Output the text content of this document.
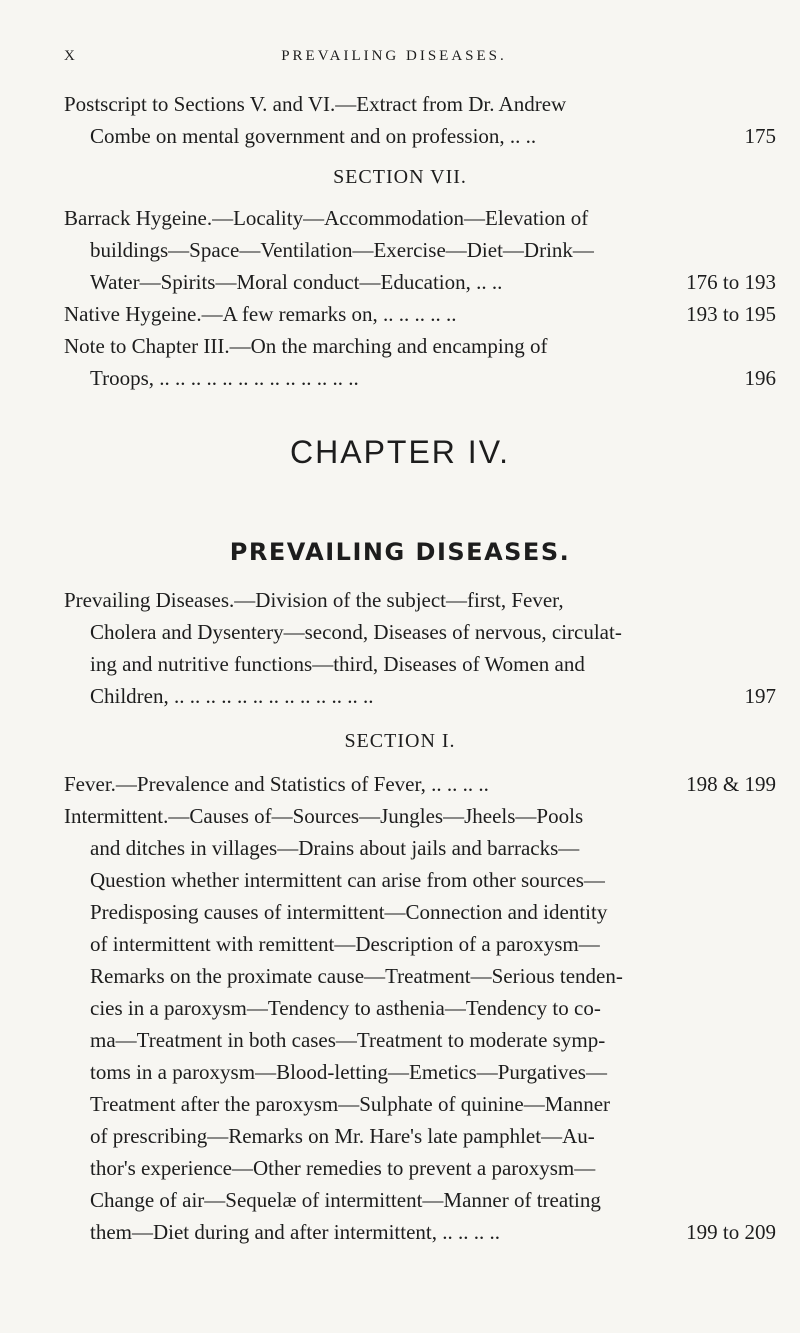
X	PREVAILING DISEASES.
Postscript to Sections V. and VI.—Extract from Dr. Andrew
Combe on mental government and on profession, .. ..	175
SECTION VII.
Barrack Hygeine.—Locality—Accommodation—Elevation of
buildings—Space—Ventilation—Exercise—Diet—Drink—
Water—Spirits—Moral conduct—Education, .. ..	176 to 193
Native Hygeine.—A few remarks on, .. .. .. .. ..	193 to 195
Note to Chapter III.—On the marching and encamping of
Troops, .. .. .. .. .. .. .. .. .. .. .. .. ..	196
CHAPTER IV.
PREVAILING DISEASES.
Prevailing Diseases.—Division of the subject—first, Fever,
Cholera and Dysentery—second, Diseases of nervous, circulat-
ing and nutritive functions—third, Diseases of Women and
Children, .. .. .. .. .. .. .. .. .. .. .. .. ..	197
SECTION I.
Fever.—Prevalence and Statistics of Fever, .. .. .. ..	198 & 199
Intermittent.—Causes of—Sources—Jungles—Jheels—Pools
and ditches in villages—Drains about jails and barracks—
Question whether intermittent can arise from other sources—
Predisposing causes of intermittent—Connection and identity
of intermittent with remittent—Description of a paroxysm—
Remarks on the proximate cause—Treatment—Serious tenden-
cies in a paroxysm—Tendency to asthenia—Tendency to co-
ma—Treatment in both cases—Treatment to moderate symp-
toms in a paroxysm—Blood-letting—Emetics—Purgatives—
Treatment after the paroxysm—Sulphate of quinine—Manner
of prescribing—Remarks on Mr. Hare's late pamphlet—Au-
thor's experience—Other remedies to prevent a paroxysm—
Change of air—Sequelæ of intermittent—Manner of treating
them—Diet during and after intermittent, .. .. .. ..	199 to 209
